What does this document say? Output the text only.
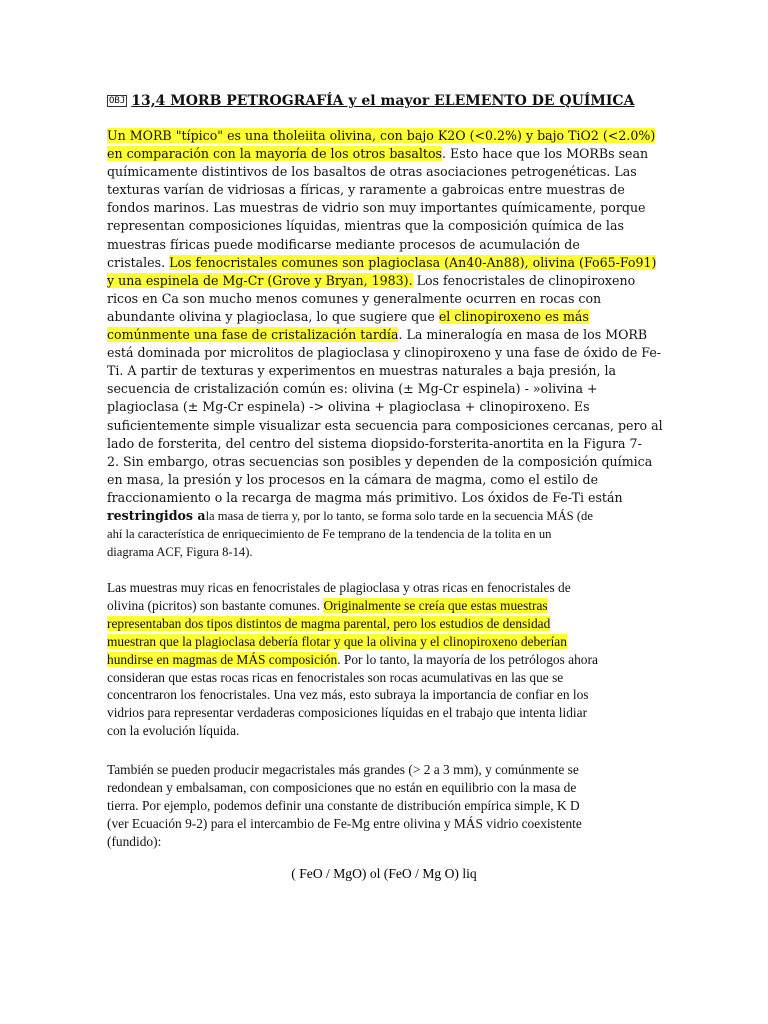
OBJ 13,4 MORB PETROGRAFÍA y el mayor ELEMENTO DE QUÍMICA
Un MORB "típico" es una tholeiita olivina, con bajo K2O (<0.2%) y bajo TiO2 (<2.0%)
en comparación con la mayoría de los otros basaltos. Esto hace que los MORBs sean
químicamente distintivos de los basaltos de otras asociaciones petrogenéticas. Las
texturas varían de vidriosas a fíricas, y raramente a gabroicas entre muestras de
fondos marinos. Las muestras de vidrio son muy importantes químicamente, porque
representan composiciones líquidas, mientras que la composición química de las
muestras fíricas puede modificarse mediante procesos de acumulación de
cristales. Los fenocristales comunes son plagioclasa (An40-An88), olivina (Fo65-Fo91)
y una espinela de Mg-Cr (Grove y Bryan, 1983). Los fenocristales de clinopiroxeno
ricos en Ca son mucho menos comunes y generalmente ocurren en rocas con
abundante olivina y plagioclasa, lo que sugiere que el clinopiroxeno es más
comúnmente una fase de cristalización tardía. La mineralogía en masa de los MORB
está dominada por microlitos de plagioclasa y clinopiroxeno y una fase de óxido de Fe-
Ti. A partir de texturas y experimentos en muestras naturales a baja presión, la
secuencia de cristalización común es: olivina (± Mg-Cr espinela) - »olivina +
plagioclasa (± Mg-Cr espinela) -> olivina + plagioclasa + clinopiroxeno. Es
suficientemente simple visualizar esta secuencia para composiciones cercanas, pero al
lado de forsterita, del centro del sistema diopsido-forsterita-anortita en la Figura 7-
2. Sin embargo, otras secuencias son posibles y dependen de la composición química
en masa, la presión y los procesos en la cámara de magma, como el estilo de
fraccionamiento o la recarga de magma más primitivo. Los óxidos de Fe-Ti están
restringidos ala masa de tierra y, por lo tanto, se forma solo tarde en la secuencia MÁS (de
ahí la característica de enriquecimiento de Fe temprano de la tendencia de la tolita en un
diagrama ACF, Figura 8-14).
Las muestras muy ricas en fenocristales de plagioclasa y otras ricas en fenocristales de
olivina (picritos) son bastante comunes. Originalmente se creía que estas muestras
representaban dos tipos distintos de magma parental, pero los estudios de densidad
muestran que la plagioclasa debería flotar y que la olivina y el clinopiroxeno deberían
hundirse en magmas de MÁS composición. Por lo tanto, la mayoría de los petrólogos ahora
consideran que estas rocas ricas en fenocristales son rocas acumulativas en las que se
concentraron los fenocristales. Una vez más, esto subraya la importancia de confiar en los
vidrios para representar verdaderas composiciones líquidas en el trabajo que intenta lidiar
con la evolución líquida.
También se pueden producir megacristales más grandes (> 2 a 3 mm), y comúnmente se
redondean y embalsaman, con composiciones que no están en equilibrio con la masa de
tierra. Por ejemplo, podemos definir una constante de distribución empírica simple, K D
(ver Ecuación 9-2) para el intercambio de Fe-Mg entre olivina y MÁS vidrio coexistente
(fundido):
( FeO / MgO) ol (FeO / Mg O) liq
